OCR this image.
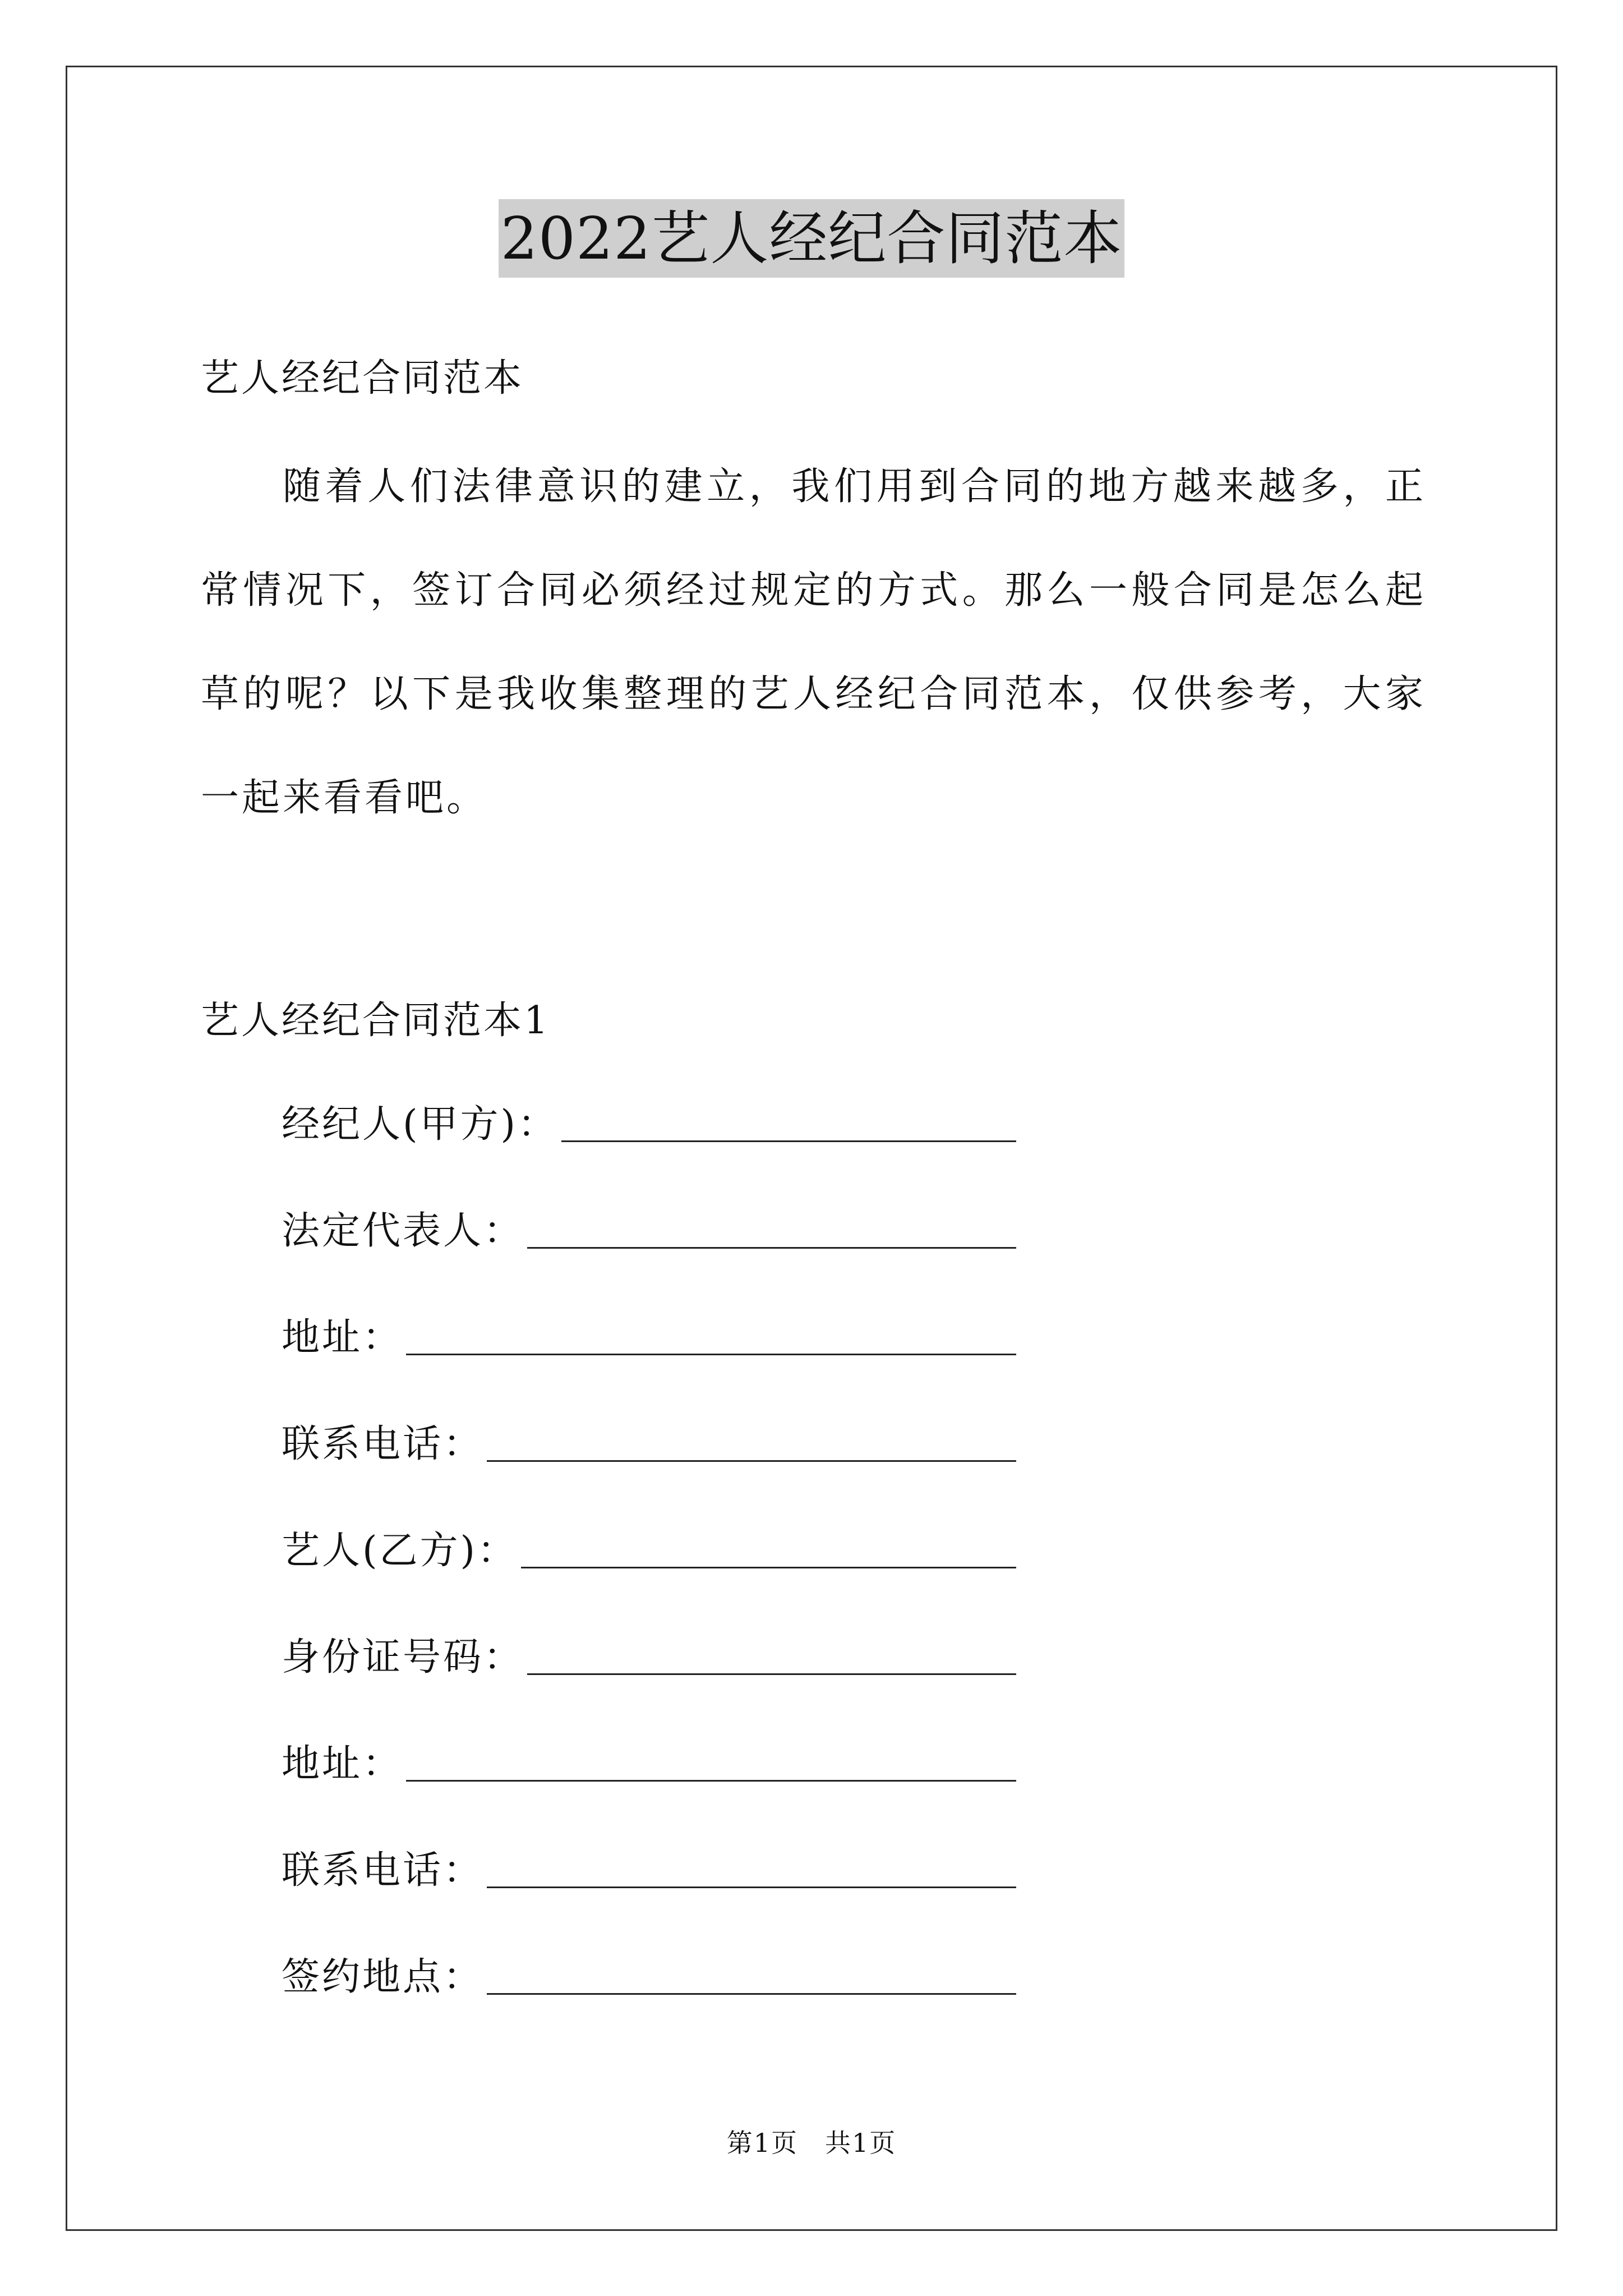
2022艺人经纪合同范本
艺人经纪合同范本
随着人们法律意识的建立，我们用到合同的地方越来越多，正常情况下，签订合同必须经过规定的方式。那么一般合同是怎么起草的呢？以下是我收集整理的艺人经纪合同范本，仅供参考，大家一起来看看吧。
艺人经纪合同范本1
经纪人(甲方)：
法定代表人：
地址：
联系电话：
艺人(乙方)：
身份证号码：
地址：
联系电话：
签约地点：
第1页　共1页
